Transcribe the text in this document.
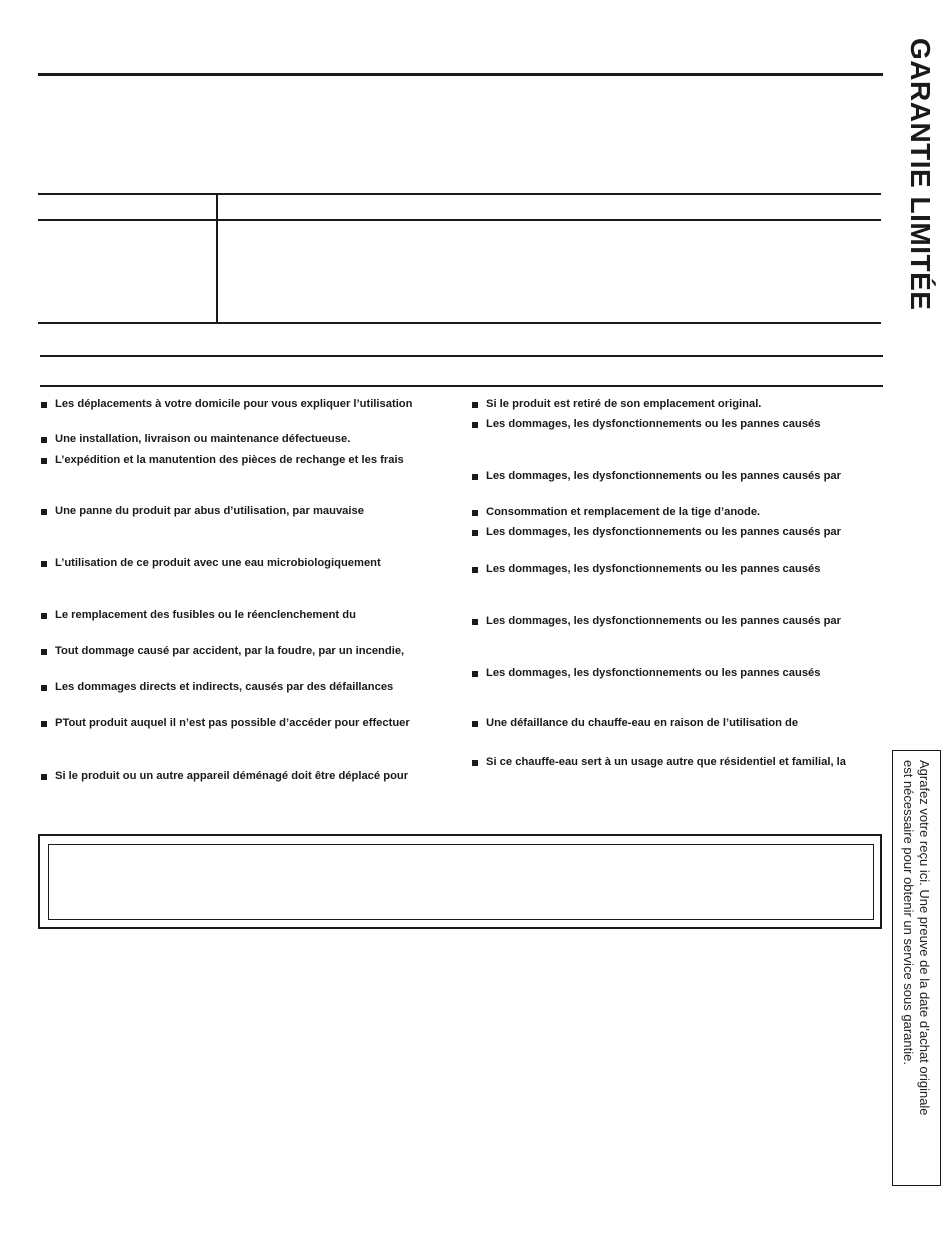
GARANTIE LIMITÉE
Les déplacements à votre domicile pour vous expliquer l’utilisation
Une installation, livraison ou maintenance défectueuse.
L’expédition et la manutention des pièces de rechange et les frais
Une panne du produit par abus d’utilisation, par mauvaise
L’utilisation de ce produit avec une eau microbiologiquement
Le remplacement des fusibles ou le réenclenchement du
Tout dommage causé par accident, par la foudre, par un incendie,
Les dommages directs et indirects, causés par des défaillances
PTout produit auquel il n’est pas possible d’accéder pour effectuer
Si le produit ou un autre appareil déménagé doit être déplacé pour
Si le produit est retiré de son emplacement original.
Les dommages, les dysfonctionnements ou les pannes causés
Les dommages, les dysfonctionnements ou les pannes causés par
Consommation et remplacement de la tige d’anode.
Les dommages, les dysfonctionnements ou les pannes causés par
Les dommages, les dysfonctionnements ou les pannes causés
Les dommages, les dysfonctionnements ou les pannes causés par
Les dommages, les dysfonctionnements ou les pannes causés
Une défaillance du chauffe-eau en raison de l’utilisation de
Si ce chauffe-eau sert à un usage autre que résidentiel et familial, la	Agrafez votre reçu ici. Une preuve de la date d’achat originale
est nécessaire pour obtenir un service sous garantie.
